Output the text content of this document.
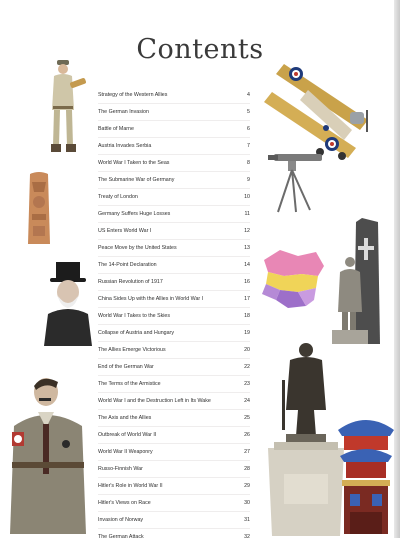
Contents
Strategy of the Western Allies	4
The German Invasion	5
Battle of Marne	6
Austria Invades Serbia	7
World War I Taken to the Seas	8
The Submarine War of Germany	9
Treaty of London	10
Germany Suffers Huge Losses	11
US Enters World War I	12
Peace Move by the United States	13
The 14-Point Declaration	14
Russian Revolution of 1917	16
China Sides Up with the Allies in World War I	17
World War I Takes to the Skies	18
Collapse of Austria and Hungary	19
The Allies Emerge Victorious	20
End of the German War	22
The Terms of the Armistice	23
World War I and the Destruction Left in Its Wake	24
The Axis and the Allies	25
Outbreak of World War II	26
World War II Weaponry	27
Russo-Finnish War	28
Hitler's Role in World War II	29
Hitler's Views on Race	30
Invasion of Norway	31
The German Attack	32
